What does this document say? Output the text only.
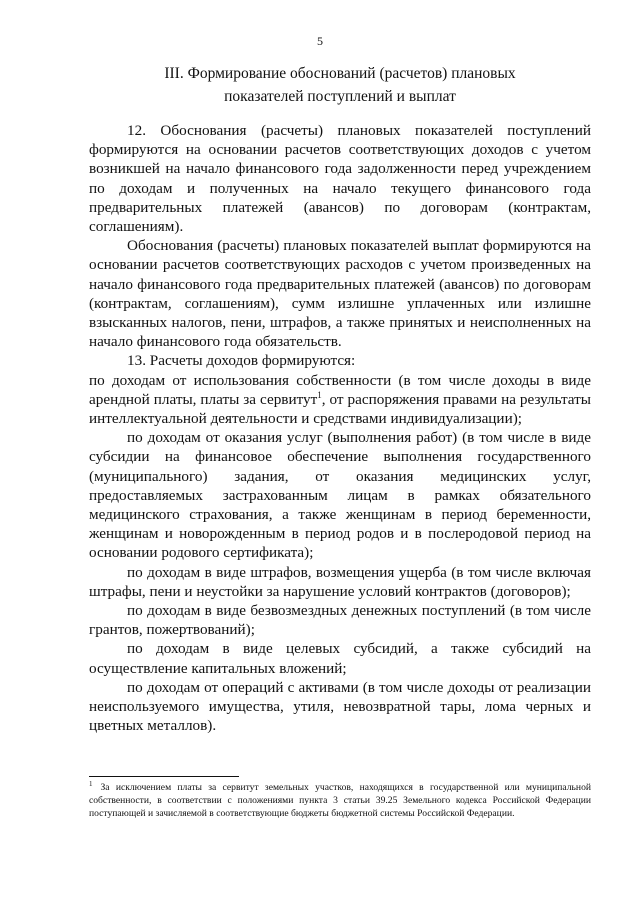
5
III. Формирование обоснований (расчетов) плановых
показателей поступлений и выплат

12. Обоснования (расчеты) плановых показателей поступлений формируются на основании расчетов соответствующих доходов с учетом возникшей на начало финансового года задолженности перед учреждением по доходам и полученных на начало текущего финансового года предварительных платежей (авансов) по договорам (контрактам, соглашениям).

Обоснования (расчеты) плановых показателей выплат формируются на основании расчетов соответствующих расходов с учетом произведенных на начало финансового года предварительных платежей (авансов) по договорам (контрактам, соглашениям), сумм излишне уплаченных или излишне взысканных налогов, пени, штрафов, а также принятых и неисполненных на начало финансового года обязательств.

13. Расчеты доходов формируются:

по доходам от использования собственности (в том числе доходы в виде арендной платы, платы за сервитут$^1$, от распоряжения правами на результаты интеллектуальной деятельности и средствами индивидуализации);

по доходам от оказания услуг (выполнения работ) (в том числе в виде субсидии на финансовое обеспечение выполнения государственного (муниципального) задания, от оказания медицинских услуг, предоставляемых застрахованным лицам в рамках обязательного медицинского страхования, а также женщинам в период беременности, женщинам и новорожденным в период родов и в послеродовой период на основании родового сертификата);

по доходам в виде штрафов, возмещения ущерба (в том числе включая штрафы, пени и неустойки за нарушение условий контрактов (договоров);

по доходам в виде безвозмездных денежных поступлений (в том числе грантов, пожертвований);

по доходам в виде целевых субсидий, а также субсидий на осуществление капитальных вложений;

по доходам от операций с активами (в том числе доходы от реализации неиспользуемого имущества, утиля, невозвратной тары, лома черных и цветных металлов).

$^1$ За исключением платы за сервитут земельных участков, находящихся в государственной или муниципальной собственности, в соответствии с положениями пункта 3 статьи 39.25 Земельного кодекса Российской Федерации поступающей и зачисляемой в соответствующие бюджеты бюджетной системы Российской Федерации.
